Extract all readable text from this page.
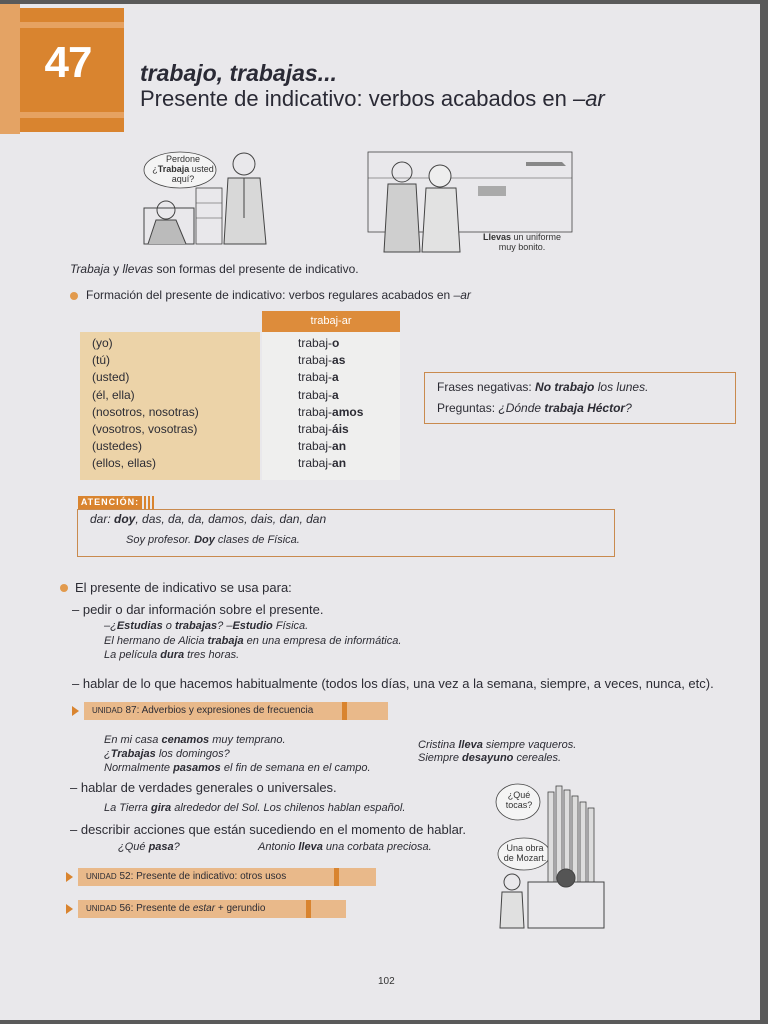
47	trabajo, trabajas...
Presente de indicativo: verbos acabados en –ar
Perdone
¿Trabaja usted
aquí?
Llevas un uniforme
muy bonito.
Trabaja y llevas son formas del presente de indicativo.
Formación del presente de indicativo: verbos regulares acabados en –ar
trabaj-ar
(yo)	trabaj-o
(tú)	trabaj-as
(usted)	trabaj-a
(él, ella)	trabaj-a
(nosotros, nosotras)	trabaj-amos
(vosotros, vosotras)	trabaj-áis
(ustedes)	trabaj-an
(ellos, ellas)	trabaj-an
Frases negativas: No trabajo los lunes.
Preguntas: ¿Dónde trabaja Héctor?
ATENCIÓN:
dar: doy, das, da, da, damos, dais, dan, dan
Soy profesor. Doy clases de Física.
El presente de indicativo se usa para:
– pedir o dar información sobre el presente.
–¿Estudias o trabajas? –Estudio Física.
El hermano de Alicia trabaja en una empresa de informática.
La película dura tres horas.
– hablar de lo que hacemos habitualmente (todos los días, una vez a la semana, siempre, a veces, nunca, etc).
UNIDAD 87: Adverbios y expresiones de frecuencia
En mi casa cenamos muy temprano.
¿Trabajas los domingos?
Normalmente pasamos el fin de semana en el campo.
Cristina lleva siempre vaqueros.
Siempre desayuno cereales.
– hablar de verdades generales o universales.
La Tierra gira alrededor del Sol. Los chilenos hablan español.
– describir acciones que están sucediendo en el momento de hablar.
¿Qué pasa?	Antonio lleva una corbata preciosa.
UNIDAD 52: Presente de indicativo: otros usos
UNIDAD 56: Presente de estar + gerundio
¿Qué
tocas?
Una obra
de Mozart.
102
